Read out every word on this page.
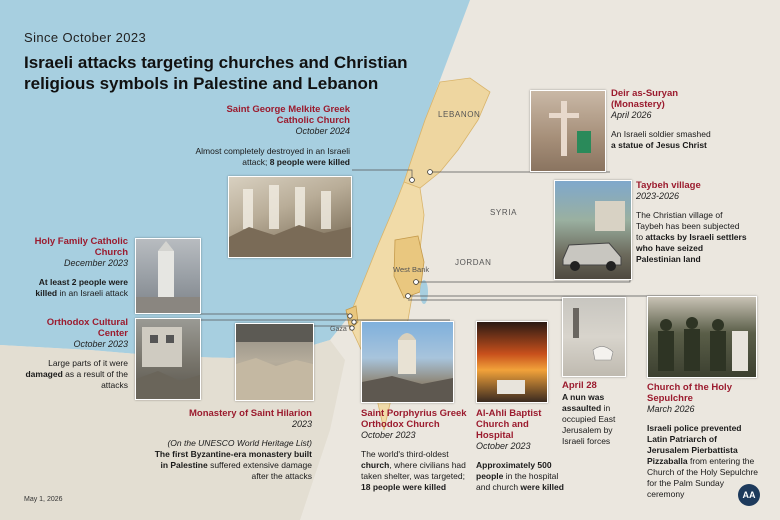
LEBANON
SYRIA
JORDAN
West Bank
Gaza
Since October 2023
Israeli attacks targeting churches and Christian religious symbols in Palestine and Lebanon
Saint George Melkite Greek Catholic Church
October 2024
Almost completely destroyed in an Israeli attack; 8 people were killed
Deir as-Suryan (Monastery)
April 2026
An Israeli soldier smashed a statue of Jesus Christ
Taybeh village
2023-2026
The Christian village of Taybeh has been subjected to attacks by Israeli settlers who have seized Palestinian land
Holy Family Catholic Church
December 2023
At least 2 people were killed in an Israeli attack
Orthodox Cultural Center
October 2023
Large parts of it were damaged as a result of the attacks
Monastery of Saint Hilarion
2023
(On the UNESCO World Heritage List)
The first Byzantine-era monastery built in Palestine suffered extensive damage after the attacks
Saint Porphyrius Greek Orthodox Church
October 2023
The world's third-oldest church, where civilians had taken shelter, was targeted; 18 people were killed
Al-Ahli Baptist Church and Hospital
October 2023
Approximately 500 people in the hospital and church were killed
April 28
A nun was assaulted in occupied East Jerusalem by Israeli forces
Church of the Holy Sepulchre
March 2026
Israeli police prevented Latin Patriarch of Jerusalem Pierbattista Pizzaballa from entering the Church of the Holy Sepulchre for the Palm Sunday ceremony
May 1, 2026	AA
